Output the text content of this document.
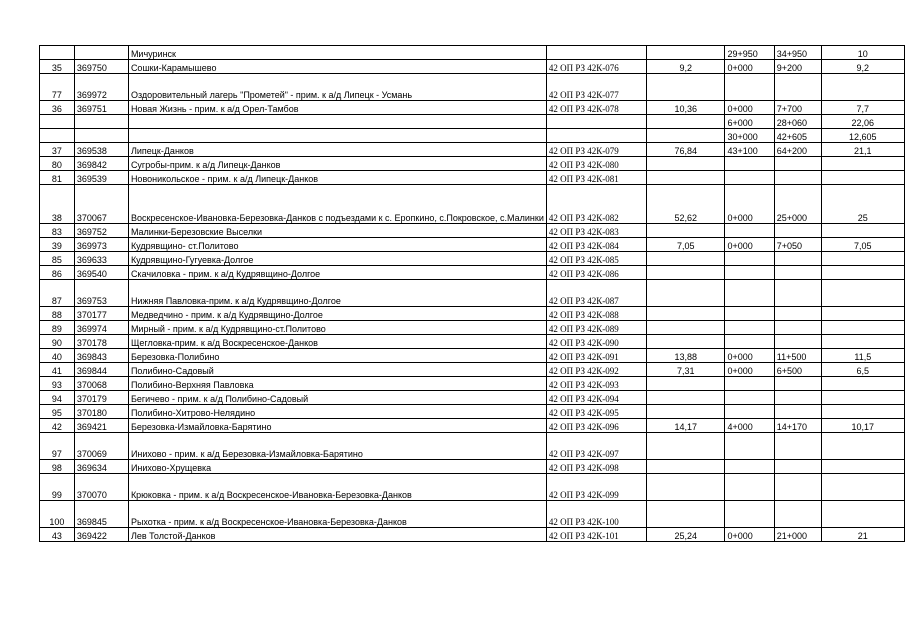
		Мичуринск			29+950	34+950	10
35	369750	Сошки-Карамышево	42 ОП РЗ 42К-076	9,2	0+000	9+200	9,2
77	369972	Оздоровительный лагерь "Прометей" - прим. к а/д Липецк - Усмань	42 ОП РЗ 42К-077				
36	369751	Новая Жизнь - прим. к а/д Орел-Тамбов	42 ОП РЗ 42К-078	10,36	0+000	7+700	7,7
					6+000	28+060	22,06
					30+000	42+605	12,605
37	369538	Липецк-Данков	42 ОП РЗ 42К-079	76,84	43+100	64+200	21,1
80	369842	Сугробы-прим. к а/д Липецк-Данков	42 ОП РЗ 42К-080				
81	369539	Новоникольское - прим. к а/д Липецк-Данков	42 ОП РЗ 42К-081				
38	370067	Воскресенское-Ивановка-Березовка-Данков с подъездами к с. Еропкино, с.Покровское, с.Малинки	42 ОП РЗ 42К-082	52,62	0+000	25+000	25
83	369752	Малинки-Березовские Выселки	42 ОП РЗ 42К-083				
39	369973	Кудрявщино- ст.Политово	42 ОП РЗ 42К-084	7,05	0+000	7+050	7,05
85	369633	Кудрявщино-Гугуевка-Долгое	42 ОП РЗ 42К-085				
86	369540	Скачиловка - прим. к а/д Кудрявщино-Долгое	42 ОП РЗ 42К-086				
87	369753	Нижняя Павловка-прим. к а/д Кудрявщино-Долгое	42 ОП РЗ 42К-087				
88	370177	Медведчино - прим. к а/д Кудрявщино-Долгое	42 ОП РЗ 42К-088				
89	369974	Мирный - прим. к а/д Кудрявщино-ст.Политово	42 ОП РЗ 42К-089				
90	370178	Щегловка-прим. к а/д Воскресенское-Данков	42 ОП РЗ 42К-090				
40	369843	Березовка-Полибино	42 ОП РЗ 42К-091	13,88	0+000	11+500	11,5
41	369844	Полибино-Садовый	42 ОП РЗ 42К-092	7,31	0+000	6+500	6,5
93	370068	Полибино-Верхняя Павловка	42 ОП РЗ 42К-093				
94	370179	Бегичево - прим. к а/д Полибино-Садовый	42 ОП РЗ 42К-094				
95	370180	Полибино-Хитрово-Нелядино	42 ОП РЗ 42К-095				
42	369421	Березовка-Измайловка-Барятино	42 ОП РЗ 42К-096	14,17	4+000	14+170	10,17
97	370069	Инихово - прим. к а/д Березовка-Измайловка-Барятино	42 ОП РЗ 42К-097				
98	369634	Инихово-Хрущевка	42 ОП РЗ 42К-098				
99	370070	Крюковка - прим. к а/д Воскресенское-Ивановка-Березовка-Данков	42 ОП РЗ 42К-099				
100	369845	Рыхотка - прим. к а/д Воскресенское-Ивановка-Березовка-Данков	42 ОП РЗ 42К-100				
43	369422	Лев Толстой-Данков	42 ОП РЗ 42К-101	25,24	0+000	21+000	21
